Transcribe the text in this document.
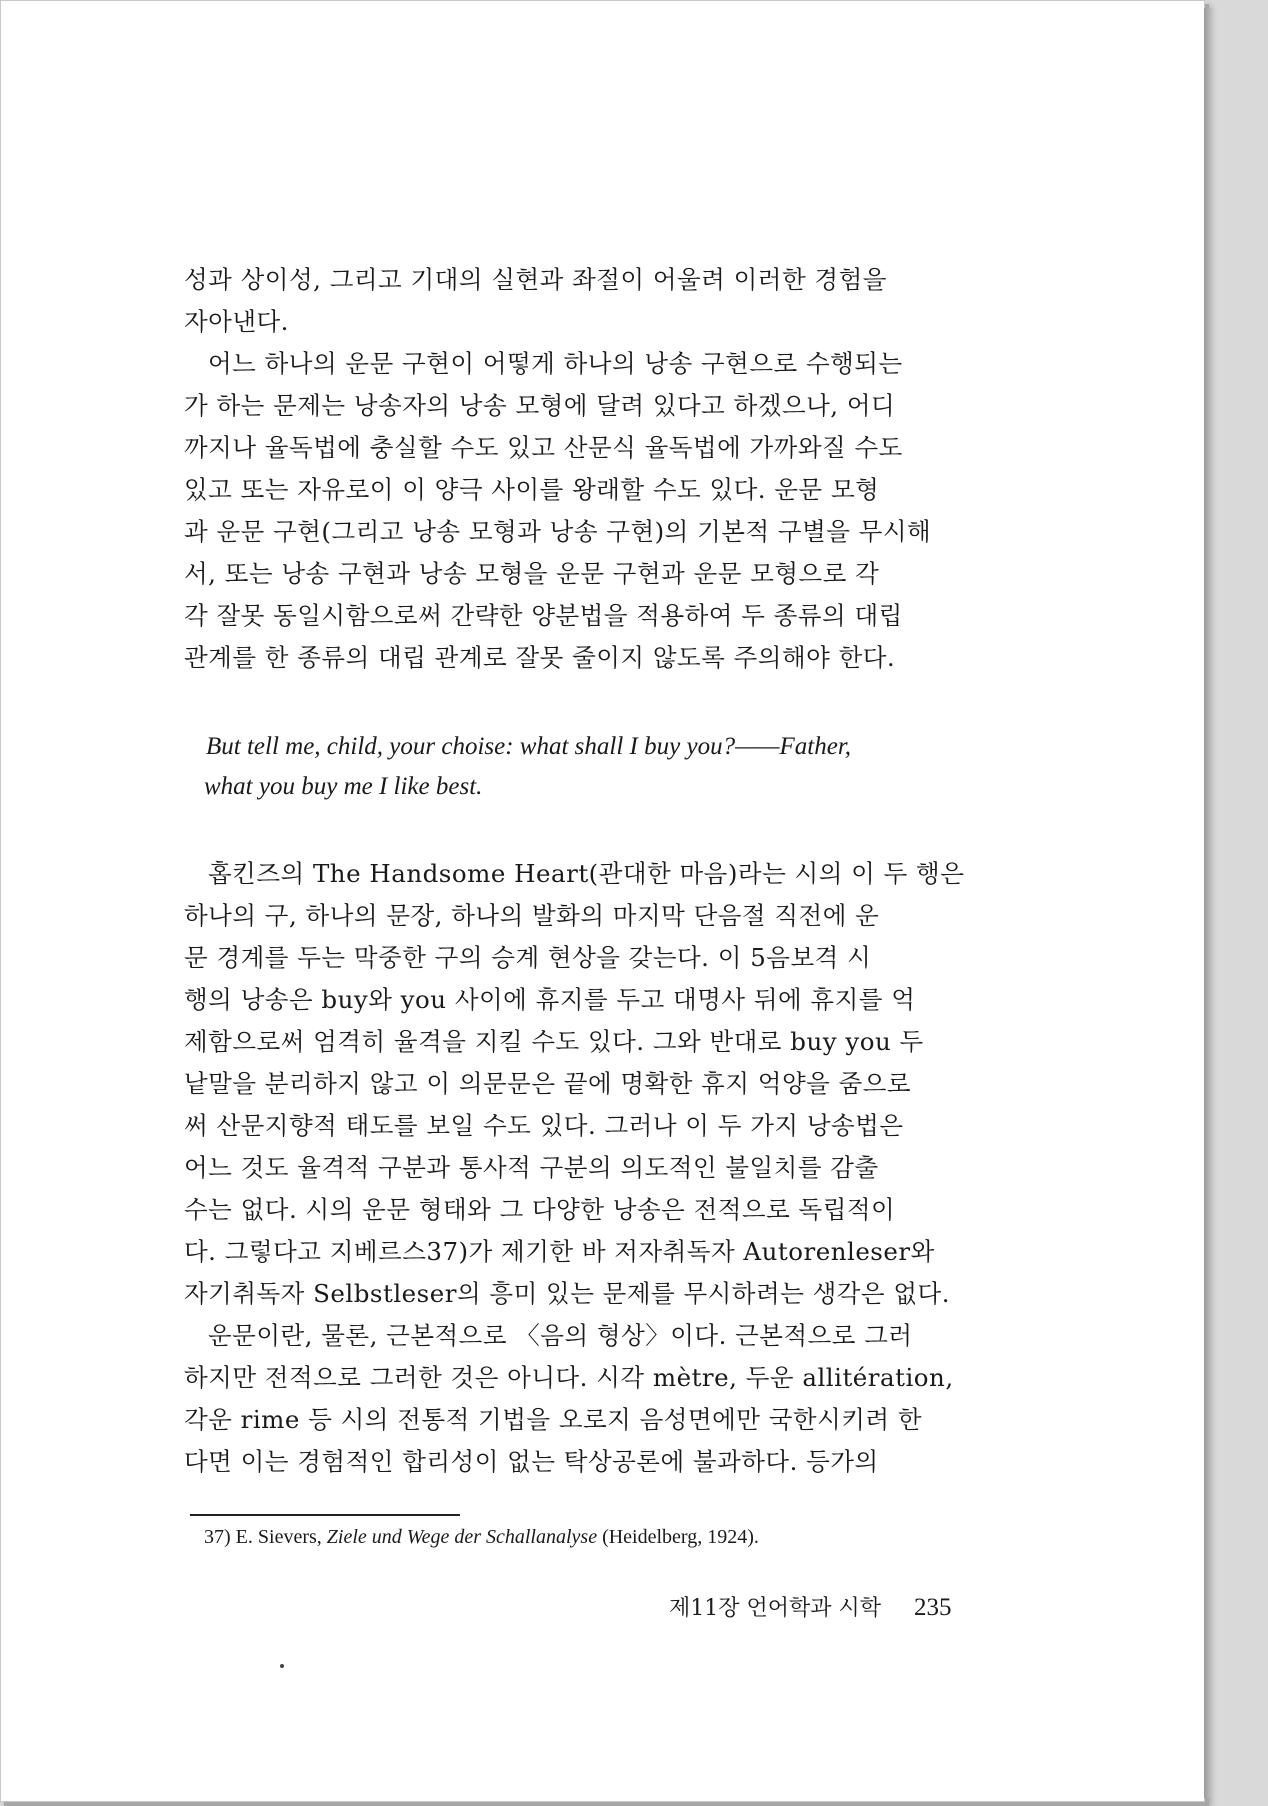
성과 상이성, 그리고 기대의 실현과 좌절이 어울려 이러한 경험을
자아낸다.

어느 하나의 운문 구현이 어떻게 하나의 낭송 구현으로 수행되는
가 하는 문제는 낭송자의 낭송 모형에 달려 있다고 하겠으나, 어디
까지나 율독법에 충실할 수도 있고 산문식 율독법에 가까와질 수도
있고 또는 자유로이 이 양극 사이를 왕래할 수도 있다. 운문 모형
과 운문 구현(그리고 낭송 모형과 낭송 구현)의 기본적 구별을 무시해
서, 또는 낭송 구현과 낭송 모형을 운문 구현과 운문 모형으로 각
각 잘못 동일시함으로써 간략한 양분법을 적용하여 두 종류의 대립
관계를 한 종류의 대립 관계로 잘못 줄이지 않도록 주의해야 한다.

But tell me, child, your choise: what shall I buy you?——Father,
what you buy me I like best.

홉킨즈의 The Handsome Heart(관대한 마음)라는 시의 이 두 행은
하나의 구, 하나의 문장, 하나의 발화의 마지막 단음절 직전에 운
문 경계를 두는 막중한 구의 승계 현상을 갖는다. 이 5음보격 시
행의 낭송은 buy와 you 사이에 휴지를 두고 대명사 뒤에 휴지를 억
제함으로써 엄격히 율격을 지킬 수도 있다. 그와 반대로 buy you 두
낱말을 분리하지 않고 이 의문문은 끝에 명확한 휴지 억양을 줌으로
써 산문지향적 태도를 보일 수도 있다. 그러나 이 두 가지 낭송법은
어느 것도 율격적 구분과 통사적 구분의 의도적인 불일치를 감출
수는 없다. 시의 운문 형태와 그 다양한 낭송은 전적으로 독립적이
다. 그렇다고 지베르스37)가 제기한 바 저자취독자 Autorenleser와
자기취독자 Selbstleser의 흥미 있는 문제를 무시하려는 생각은 없다.

운문이란, 물론, 근본적으로 〈음의 형상〉이다. 근본적으로 그러
하지만 전적으로 그러한 것은 아니다. 시각 mètre, 두운 allitération,
각운 rime 등 시의 전통적 기법을 오로지 음성면에만 국한시키려 한
다면 이는 경험적인 합리성이 없는 탁상공론에 불과하다. 등가의

37) E. Sievers, Ziele und Wege der Schallanalyse (Heidelberg, 1924).
제11장 언어학과 시학 235
